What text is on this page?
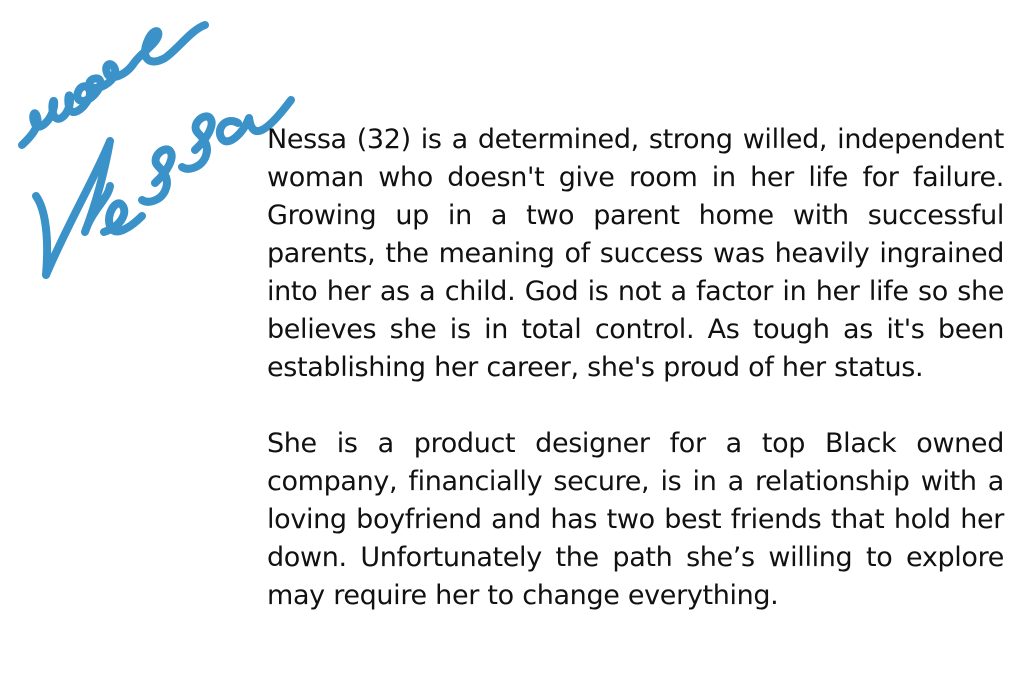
Nessa (32) is a determined, strong willed, independent woman who doesn't give room in her life for failure. Growing up in a two parent home with successful parents, the meaning of success was heavily ingrained into her as a child. God is not a factor in her life so she believes she is in total control. As tough as it's been establishing her career, she's proud of her status.

She is a product designer for a top Black owned company, financially secure, is in a relationship with a loving boyfriend and has two best friends that hold her down. Unfortunately the path she’s willing to explore may require her to change everything.
